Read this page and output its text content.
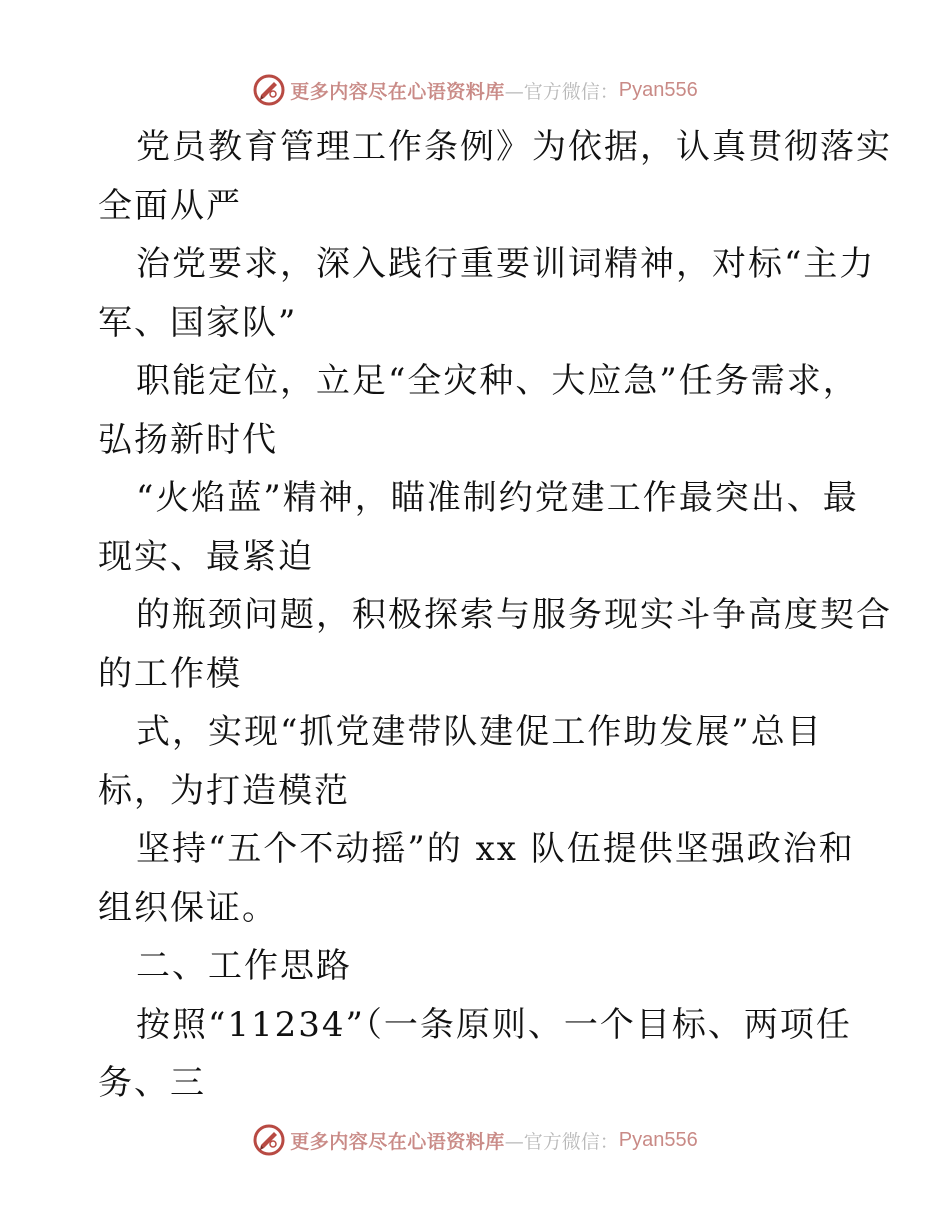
更多内容尽在心语资料库 —官方微信： Pyan556
党员教育管理工作条例》为依据，认真贯彻落实
全面从严
治党要求，深入践行重要训词精神，对标“主力
军、国家队”
职能定位，立足“全灾种、大应急”任务需求，
弘扬新时代
“火焰蓝”精神，瞄准制约党建工作最突出、最
现实、最紧迫
的瓶颈问题，积极探索与服务现实斗争高度契合
的工作模
式，实现“抓党建带队建促工作助发展”总目
标，为打造模范
坚持“五个不动摇”的 xx 队伍提供坚强政治和
组织保证。
二、工作思路
按照“11234”（一条原则、一个目标、两项任
务、三
更多内容尽在心语资料库 —官方微信： Pyan556
